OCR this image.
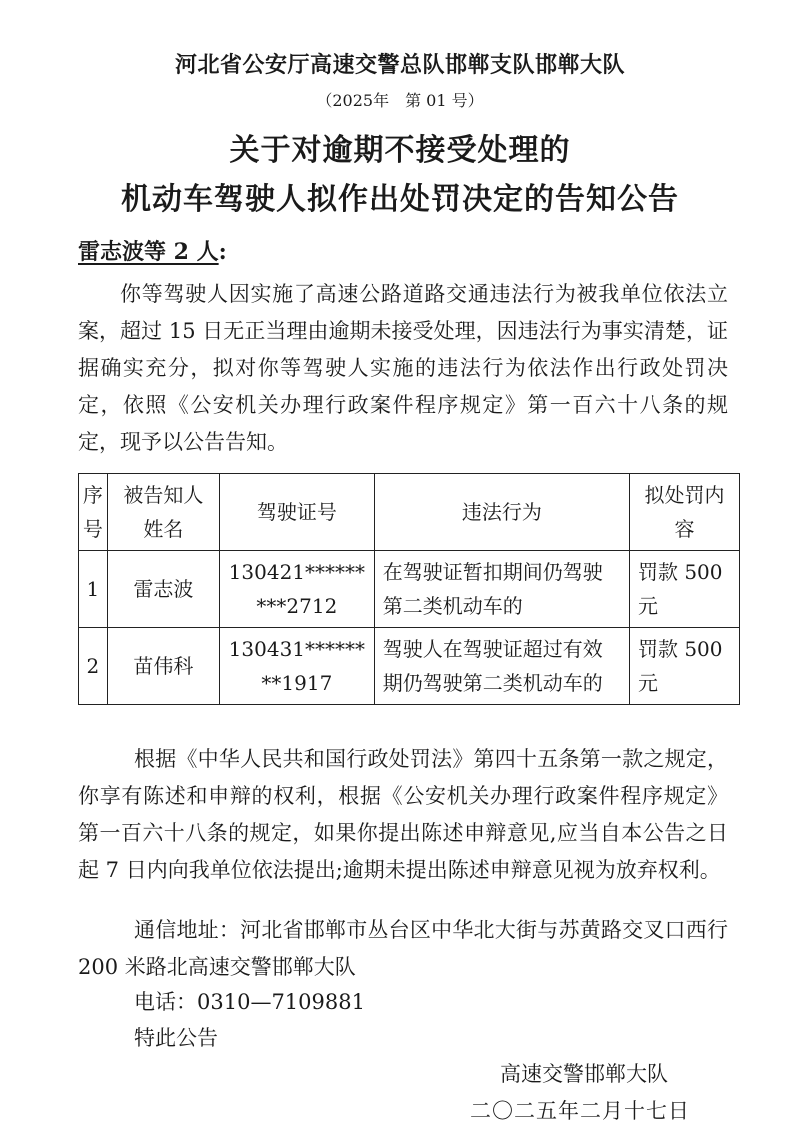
河北省公安厅高速交警总队邯郸支队邯郸大队
（2025年　第 01 号）
关于对逾期不接受处理的
机动车驾驶人拟作出处罚决定的告知公告
雷志波等 2 人:
你等驾驶人因实施了高速公路道路交通违法行为被我单位依法立案，超过 15 日无正当理由逾期未接受处理，因违法行为事实清楚，证据确实充分，拟对你等驾驶人实施的违法行为依法作出行政处罚决定，依照《公安机关办理行政案件程序规定》第一百六十八条的规定，现予以公告告知。
序号	被告知人姓名	驾驶证号	违法行为	拟处罚内容
1	雷志波	130421*********2712	在驾驶证暂扣期间仍驾驶第二类机动车的	罚款 500 元
2	苗伟科	130431********1917	驾驶人在驾驶证超过有效期仍驾驶第二类机动车的	罚款 500 元
根据《中华人民共和国行政处罚法》第四十五条第一款之规定，你享有陈述和申辩的权利，根据《公安机关办理行政案件程序规定》第一百六十八条的规定，如果你提出陈述申辩意见,应当自本公告之日起 7 日内向我单位依法提出;逾期未提出陈述申辩意见视为放弃权利。
通信地址：河北省邯郸市丛台区中华北大街与苏黄路交叉口西行 200 米路北高速交警邯郸大队
电话：0310—7109881
特此公告
高速交警邯郸大队
二〇二五年二月十七日
